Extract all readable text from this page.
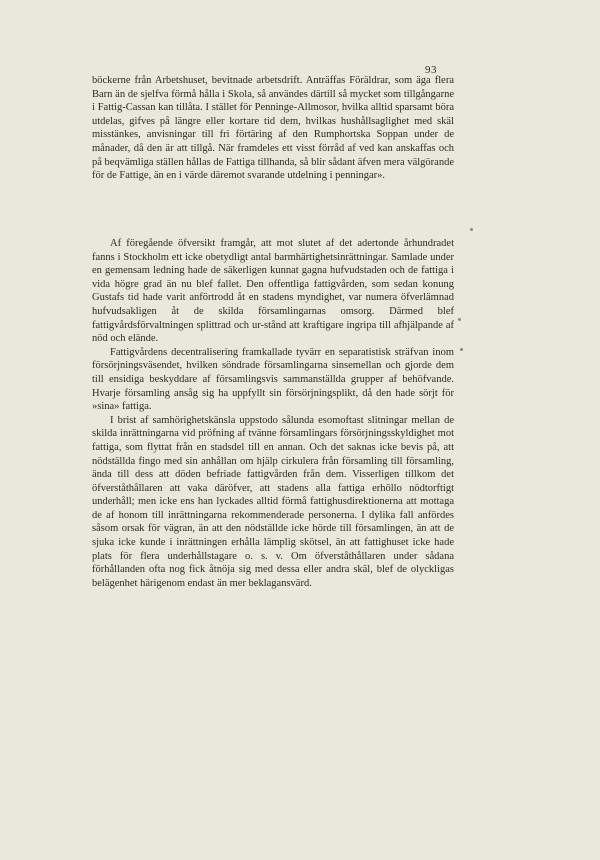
93

böckerne från Arbetshuset, bevitnade arbetsdrift. Anträffas Föräldrar, som äga flera Barn än de sjelfva förmå hålla i Skola, så användes därtill så mycket som tillgångarne i Fattig-Cassan kan tillåta. I stället för Penninge-Allmosor, hvilka alltid sparsamt böra utdelas, gifves på längre eller kortare tid dem, hvilkas hushållsaglighet med skäl misstänkes, anvisningar till fri förtäring af den Rumphortska Soppan under de månader, då den är att tillgå. När framdeles ett visst förråd af ved kan anskaffas och på beqvämliga ställen hållas de Fattiga tillhanda, så blir sådant äfven mera välgörande för de Fattige, än en i värde däremot svarande utdelning i penningar».

Af föregående öfversikt framgår, att mot slutet af det adertonde århundradet fanns i Stockholm ett icke obetydligt antal barmhärtighetsinrättningar. Samlade under en gemensam ledning hade de säkerligen kunnat gagna hufvudstaden och de fattiga i vida högre grad än nu blef fallet. Den offentliga fattigvården, som sedan konung Gustafs tid hade varit anförtrodd åt en stadens myndighet, var numera öfverlämnad hufvudsakligen åt de skilda församlingarnas omsorg. Därmed blef fattigvårdsförvaltningen splittrad och ur-stånd att kraftigare ingripa till afhjälpande af nöd och elände.

Fattigvårdens decentralisering framkallade tyvärr en separatistisk sträfvan inom försörjningsväsendet, hvilken söndrade församlingarna sinsemellan och gjorde dem till ensidiga beskyddare af församlingsvis sammanställda grupper af behöfvande. Hvarje församling ansåg sig ha uppfyllt sin försörjningsplikt, då den hade sörjt för »sina» fattiga.

I brist af samhörighetskänsla uppstodo sålunda esomoftast slitningar mellan de skilda inrättningarna vid pröfning af tvänne församlingars försörjningsskyldighet mot fattiga, som flyttat från en stadsdel till en annan. Och det saknas icke bevis på, att nödställda fingo med sin anhållan om hjälp cirkulera från församling till församling, ända till dess att döden befriade fattigvården från dem. Visserligen tillkom det öfverståthållaren att vaka däröfver, att stadens alla fattiga erhöllo nödtorftigt underhåll; men icke ens han lyckades alltid förmå fattighusdirektionerna att mottaga de af honom till inrättningarna rekommenderade personerna. I dylika fall anfördes såsom orsak för vägran, än att den nödställde icke hörde till församlingen, än att de sjuka icke kunde i inrättningen erhålla lämplig skötsel, än att fattighuset icke hade plats för flera underhållstagare o. s. v. Om öfverståthållaren under sådana förhållanden ofta nog fick åtnöja sig med dessa eller andra skäl, blef de olyckligas belägenhet härigenom endast än mer beklagansvärd.
